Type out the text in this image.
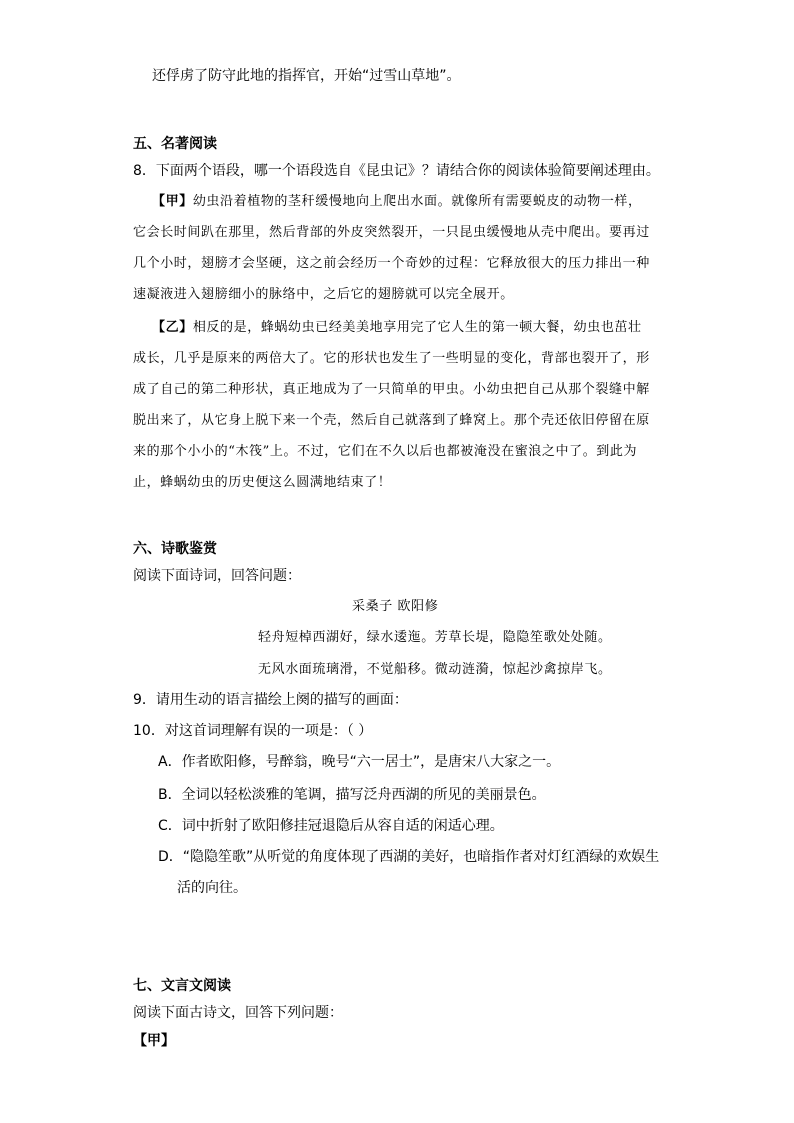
还俘虏了防守此地的指挥官，开始“过雪山草地”。
五、名著阅读
8．下面两个语段，哪一个语段选自《昆虫记》？请结合你的阅读体验简要阐述理由。
【甲】幼虫沿着植物的茎秆缓慢地向上爬出水面。就像所有需要蜕皮的动物一样，
它会长时间趴在那里，然后背部的外皮突然裂开，一只昆虫缓慢地从壳中爬出。要再过
几个小时，翅膀才会坚硬，这之前会经历一个奇妙的过程：它释放很大的压力排出一种
速凝液进入翅膀细小的脉络中，之后它的翅膀就可以完全展开。
【乙】相反的是，蜂蜗幼虫已经美美地享用完了它人生的第一顿大餐，幼虫也茁壮
成长，几乎是原来的两倍大了。它的形状也发生了一些明显的变化，背部也裂开了，形
成了自己的第二种形状，真正地成为了一只简单的甲虫。小幼虫把自己从那个裂缝中解
脱出来了，从它身上脱下来一个壳，然后自己就落到了蜂窝上。那个壳还依旧停留在原
来的那个小小的“木筏”上。不过，它们在不久以后也都被淹没在蜜浪之中了。到此为
止，蜂蜗幼虫的历史便这么圆满地结束了！
六、诗歌鉴赏
阅读下面诗词，回答问题：
采桑子 欧阳修
轻舟短棹西湖好，绿水逶迤。芳草长堤，隐隐笙歌处处随。
无风水面琉璃滑，不觉船移。微动涟漪，惊起沙禽掠岸飞。
9．请用生动的语言描绘上阕的描写的画面：
10．对这首词理解有误的一项是：（ ）
A．作者欧阳修，号醉翁，晚号“六一居士”，是唐宋八大家之一。
B．全词以轻松淡雅的笔调，描写泛舟西湖的所见的美丽景色。
C．词中折射了欧阳修挂冠退隐后从容自适的闲适心理。
D．“隐隐笙歌”从听觉的角度体现了西湖的美好，也暗指作者对灯红酒绿的欢娱生
活的向往。
七、文言文阅读
阅读下面古诗文，回答下列问题：
【甲】
